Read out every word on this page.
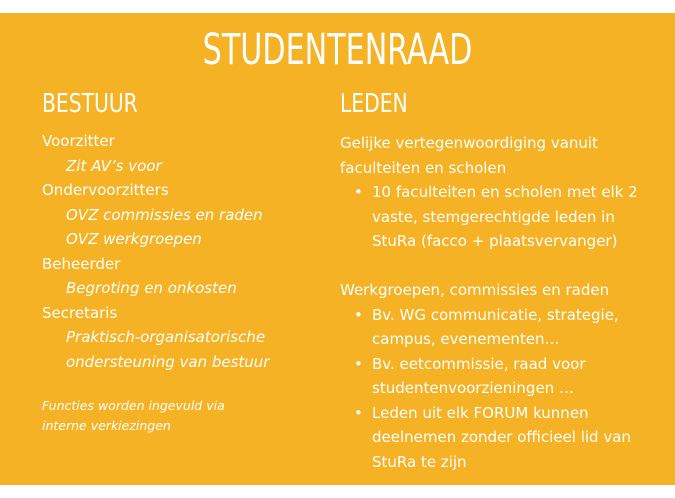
STUDENTENRAAD
BESTUUR	LEDEN
Voorzitter
Zit AV’s voor
Ondervoorzitters
OVZ commissies en raden
OVZ werkgroepen
Beheerder
Begroting en onkosten
Secretaris
Praktisch-organisatorische
ondersteuning van bestuur
Functies worden ingevuld via
interne verkiezingen

Gelijke vertegenwoordiging vanuit

faculteiten en scholen

• 10 faculteiten en scholen met elk 2 vaste, stemgerechtigde leden in StuRa (facco + plaatsvervanger)

Werkgroepen, commissies en raden

• Bv. WG communicatie, strategie, campus, evenementen…
• Bv. eetcommissie, raad voor studentenvoorzieningen …
• Leden uit elk FORUM kunnen deelnemen zonder officieel lid van StuRa te zijn
